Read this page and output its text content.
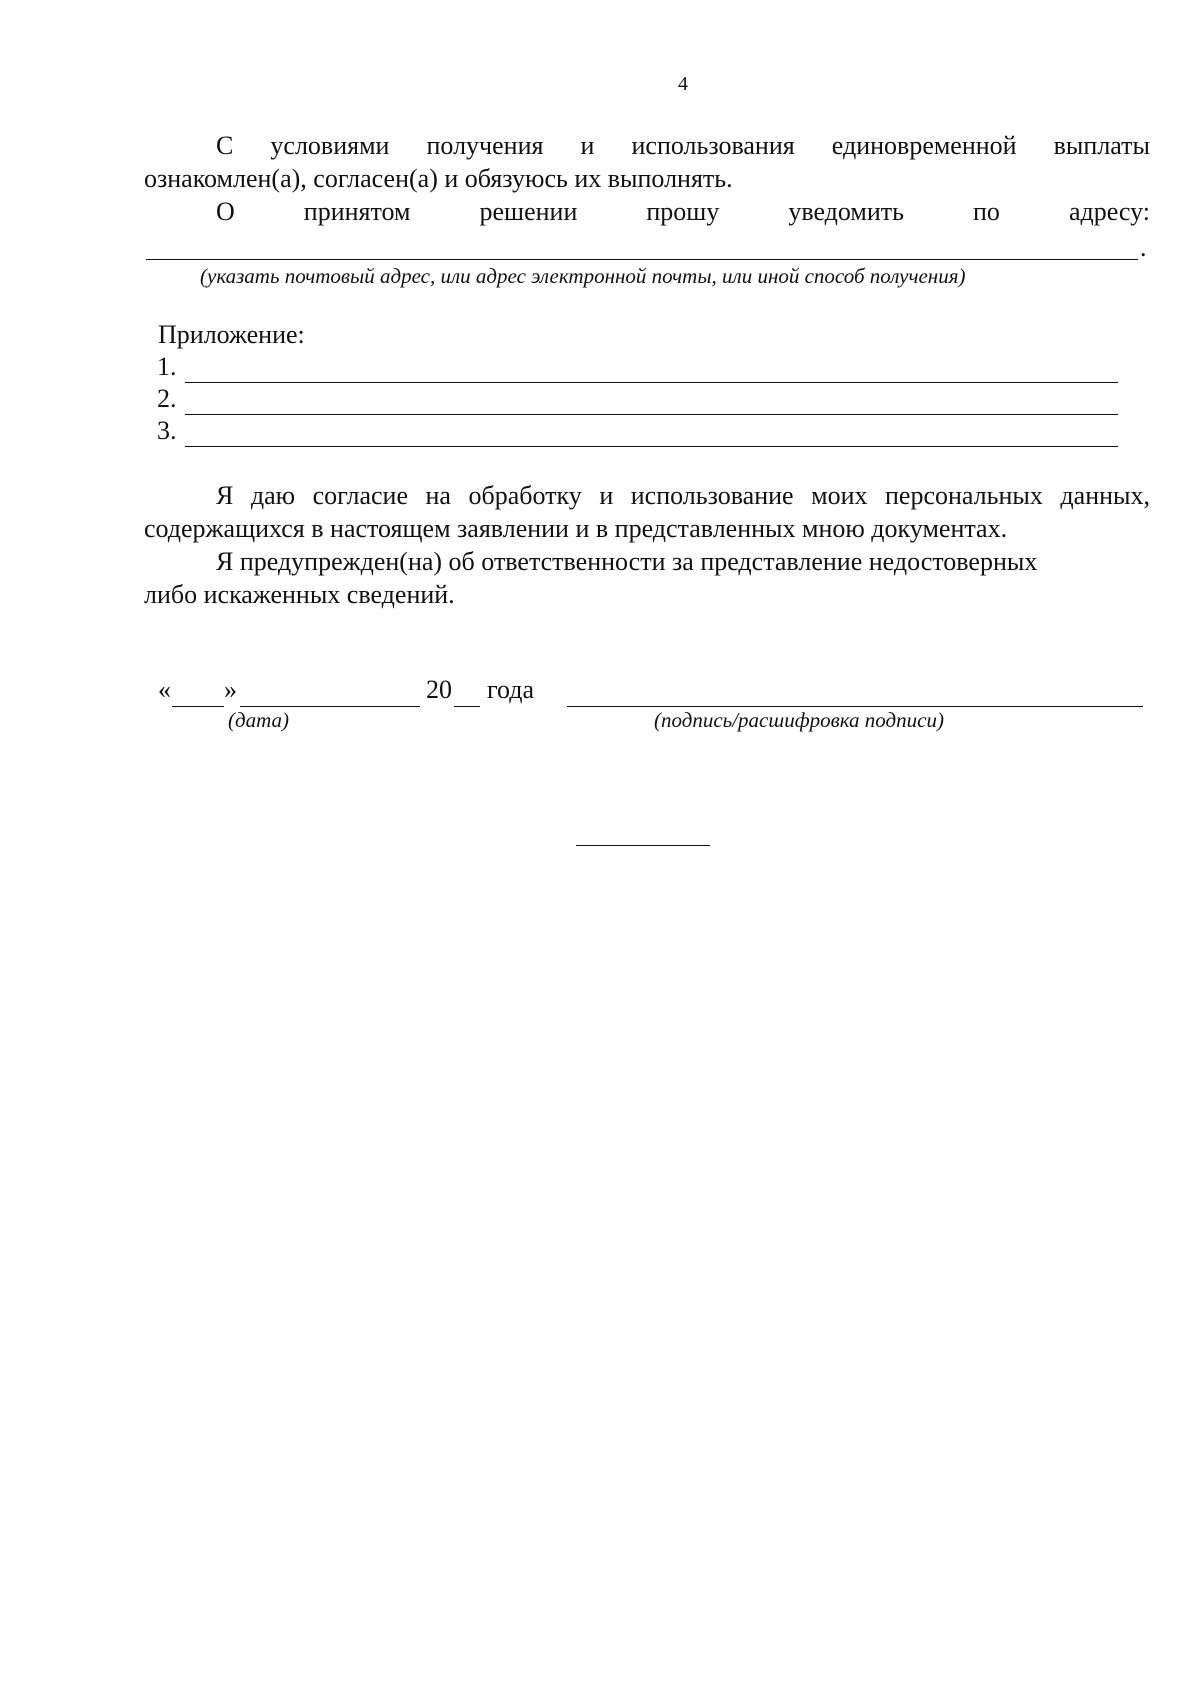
4

С условиями получения и использования единовременной выплаты

ознакомлен(а), согласен(а) и обязуюсь их выполнять.

О принятом решении прошу уведомить по адресу:

.
(указать почтовый адрес, или адрес электронной почты, или иной способ получения)
Приложение:
1.
2.
3.

Я даю согласие на обработку и использование моих персональных данных,

содержащихся в настоящем заявлении и в представленных мною документах.

Я предупрежден(на) об ответственности за представление недостоверных

либо искаженных сведений.

« »	20 года
(дата)	(подпись/расшифровка подписи)
